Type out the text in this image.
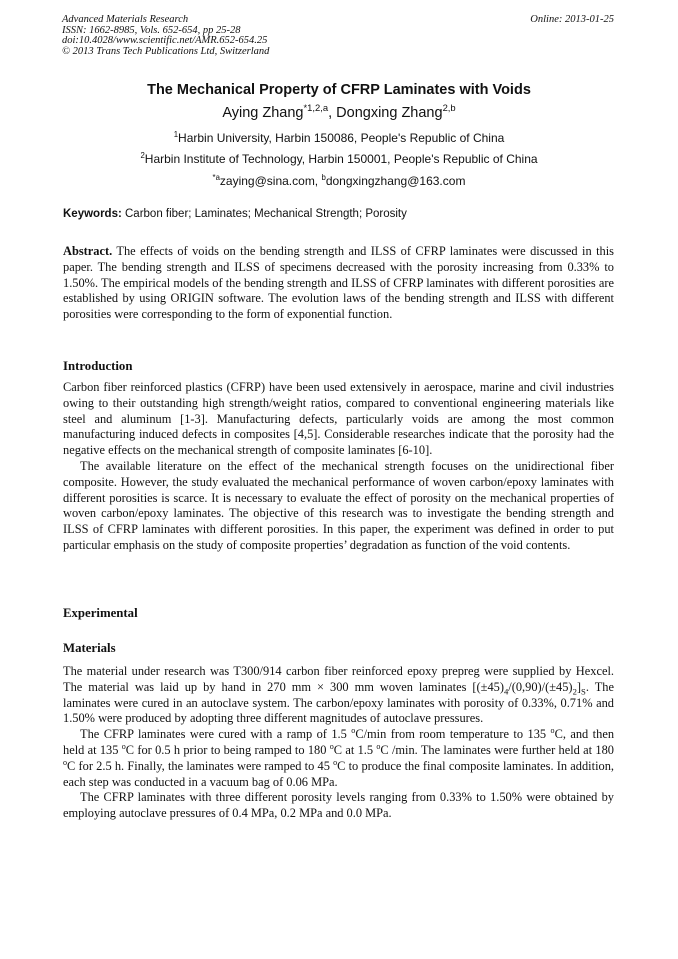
Advanced Materials Research
ISSN: 1662-8985, Vols. 652-654, pp 25-28
doi:10.4028/www.scientific.net/AMR.652-654.25
© 2013 Trans Tech Publications Ltd, Switzerland
Online: 2013-01-25
The Mechanical Property of CFRP Laminates with Voids
Aying Zhang$^{*1,2,a}$, Dongxing Zhang$^{2,b}$
$^1$Harbin University, Harbin 150086, People's Republic of China
$^2$Harbin Institute of Technology, Harbin 150001, People's Republic of China
$^{*a}$zaying@sina.com, $^b$dongxingzhang@163.com
Keywords: Carbon fiber; Laminates; Mechanical Strength; Porosity

Abstract. The effects of voids on the bending strength and ILSS of CFRP laminates were discussed in this paper. The bending strength and ILSS of specimens decreased with the porosity increasing from 0.33% to 1.50%. The empirical models of the bending strength and ILSS of CFRP laminates with different porosities are established by using ORIGIN software. The evolution laws of the bending strength and ILSS with different porosities were corresponding to the form of exponential function.

Introduction

Carbon fiber reinforced plastics (CFRP) have been used extensively in aerospace, marine and civil industries owing to their outstanding high strength/weight ratios, compared to conventional engineering materials like steel and aluminum [1-3]. Manufacturing defects, particularly voids are among the most common manufacturing induced defects in composites [4,5]. Considerable researches indicate that the porosity had the negative effects on the mechanical strength of composite laminates [6-10].

The available literature on the effect of the mechanical strength focuses on the unidirectional fiber composite. However, the study evaluated the mechanical performance of woven carbon/epoxy laminates with different porosities is scarce. It is necessary to evaluate the effect of porosity on the mechanical properties of woven carbon/epoxy laminates. The objective of this research was to investigate the bending strength and ILSS of CFRP laminates with different porosities. In this paper, the experiment was defined in order to put particular emphasis on the study of composite properties’ degradation as function of the void contents.

Experimental
Materials

The material under research was T300/914 carbon fiber reinforced epoxy prepreg were supplied by Hexcel. The material was laid up by hand in 270 mm × 300 mm woven laminates $[(\pm 45)_4/(0,90)/(\pm 45)_2]_S$. The laminates were cured in an autoclave system. The carbon/epoxy laminates with porosity of 0.33%, 0.71% and 1.50% were produced by adopting three different magnitudes of autoclave pressures.

The CFRP laminates were cured with a ramp of 1.5 $^o$C/min from room temperature to 135 $^o$C, and then held at 135 $^o$C for 0.5 h prior to being ramped to 180 $^o$C at 1.5 $^o$C /min. The laminates were further held at 180 $^o$C for 2.5 h. Finally, the laminates were ramped to 45 $^o$C to produce the final composite laminates. In addition, each step was conducted in a vacuum bag of 0.06 MPa.

The CFRP laminates with three different porosity levels ranging from 0.33% to 1.50% were obtained by employing autoclave pressures of 0.4 MPa, 0.2 MPa and 0.0 MPa.
